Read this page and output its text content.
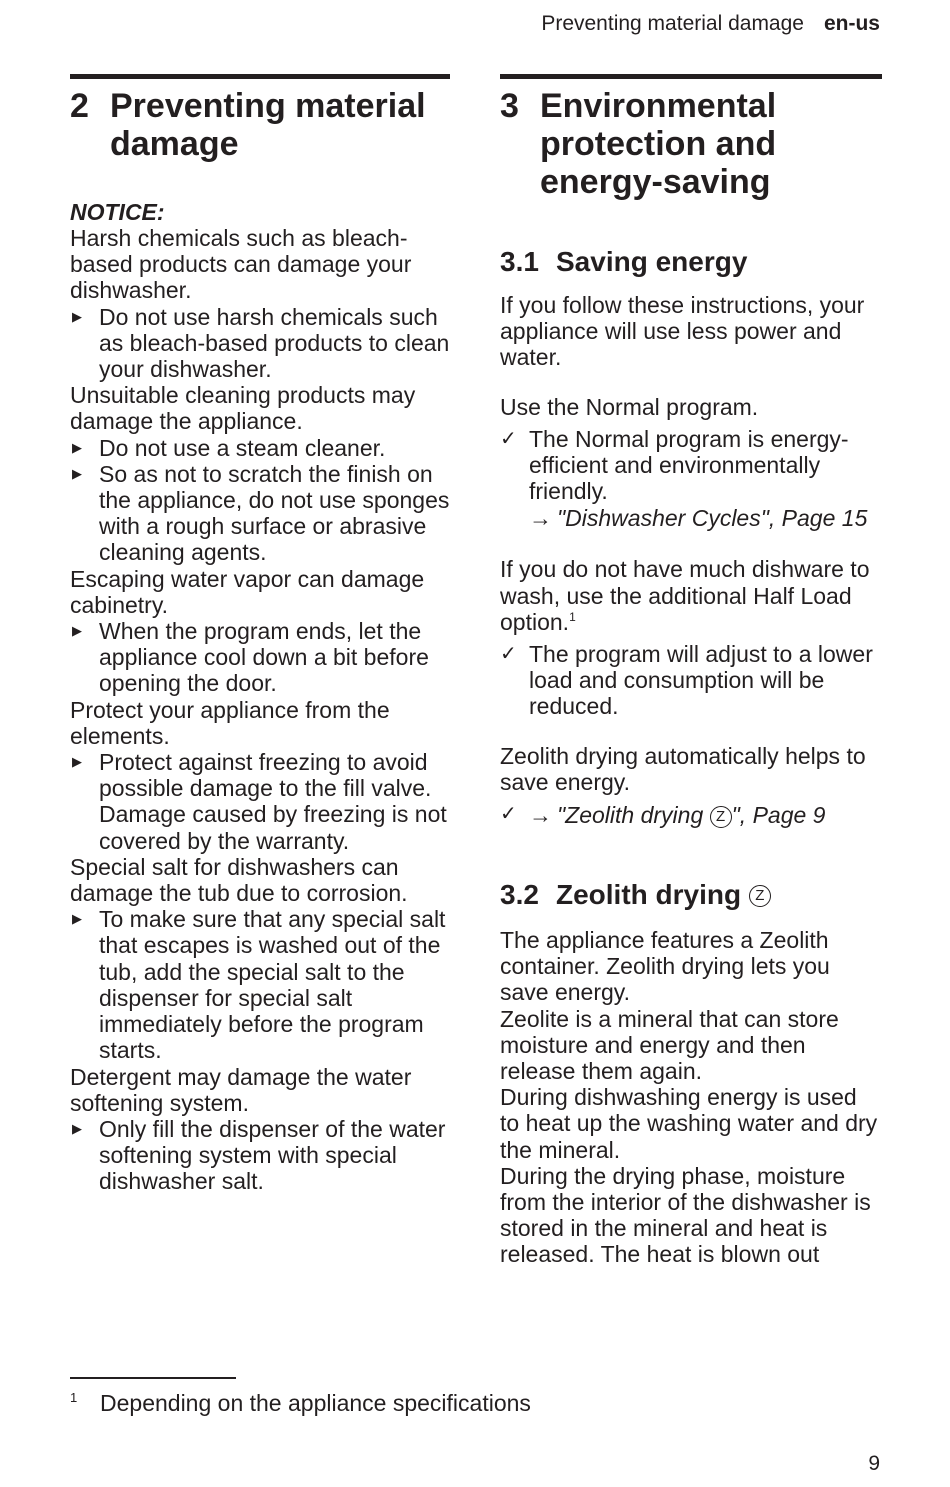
Preventing material damage en-us
2 Preventing material damage
NOTICE:
Harsh chemicals such as bleach-based products can damage your dishwasher.
▶ Do not use harsh chemicals such as bleach-based products to clean your dishwasher.
Unsuitable cleaning products may damage the appliance.
▶ Do not use a steam cleaner.
▶ So as not to scratch the finish on the appliance, do not use sponges with a rough surface or abrasive cleaning agents.
Escaping water vapor can damage cabinetry.
▶ When the program ends, let the appliance cool down a bit before opening the door.
Protect your appliance from the elements.
▶ Protect against freezing to avoid possible damage to the fill valve. Damage caused by freezing is not covered by the warranty.
Special salt for dishwashers can damage the tub due to corrosion.
▶ To make sure that any special salt that escapes is washed out of the tub, add the special salt to the dispenser for special salt immediately before the program starts.
Detergent may damage the water softening system.
▶ Only fill the dispenser of the water softening system with special dishwasher salt.
3 Environmental protection and energy-saving
3.1 Saving energy
If you follow these instructions, your appliance will use less power and water.
Use the Normal program.
✓ The Normal program is energy-efficient and environmentally friendly.
→ "Dishwasher Cycles", Page 15
If you do not have much dishware to wash, use the additional Half Load option.$^1$
✓ The program will adjust to a lower load and consumption will be reduced.
Zeolith drying automatically helps to save energy.
✓ → "Zeolith drying Z ", Page 9
3.2 Zeolith drying Z
The appliance features a Zeolith container. Zeolith drying lets you save energy.
Zeolite is a mineral that can store moisture and energy and then release them again.
During dishwashing energy is used to heat up the washing water and dry the mineral.
During the drying phase, moisture from the interior of the dishwasher is stored in the mineral and heat is released. The heat is blown out
1 Depending on the appliance specifications
9
